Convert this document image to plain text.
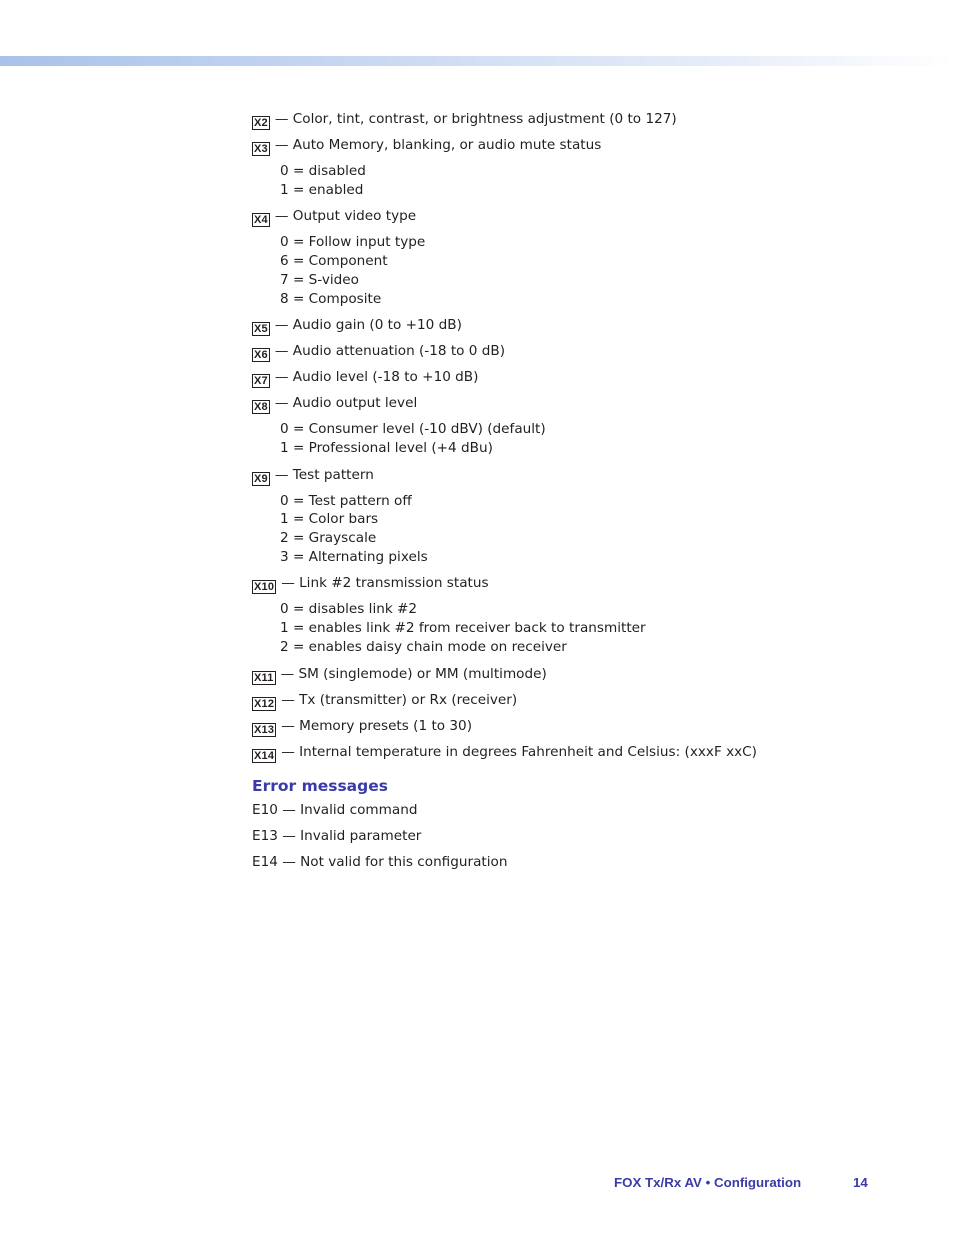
X2 — Color, tint, contrast, or brightness adjustment (0 to 127)
X3 — Auto Memory, blanking, or audio mute status
0 = disabled
1 = enabled
X4 — Output video type
0 = Follow input type
6 = Component
7 = S-video
8 = Composite
X5 — Audio gain (0 to +10 dB)
X6 — Audio attenuation (-18 to 0 dB)
X7 — Audio level (-18 to +10 dB)
X8 — Audio output level
0 = Consumer level (-10 dBV) (default)
1 = Professional level (+4 dBu)
X9 — Test pattern
0 = Test pattern off
1 = Color bars
2 = Grayscale
3 = Alternating pixels
X10 — Link #2 transmission status
0 = disables link #2
1 = enables link #2 from receiver back to transmitter
2 = enables daisy chain mode on receiver
X11 — SM (singlemode) or MM (multimode)
X12 — Tx (transmitter) or Rx (receiver)
X13 — Memory presets (1 to 30)
X14 — Internal temperature in degrees Fahrenheit and Celsius: (xxxF xxC)
Error messages
E10 — Invalid command
E13 — Invalid parameter
E14 — Not valid for this configuration
FOX Tx/Rx AV • Configuration	14
